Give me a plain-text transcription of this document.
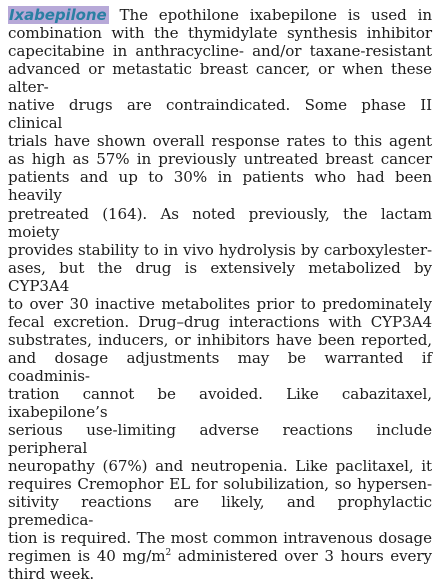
Ixabepilone The epothilone ixabepilone is used in
combination with the thymidylate synthesis inhibitor
capecitabine in anthracycline- and/or taxane-resistant
advanced or metastatic breast cancer, or when these alter-
native drugs are contraindicated. Some phase II clinical
trials have shown overall response rates to this agent
as high as 57% in previously untreated breast cancer
patients and up to 30% in patients who had been heavily
pretreated (164). As noted previously, the lactam moiety
provides stability to in vivo hydrolysis by carboxylester-
ases, but the drug is extensively metabolized by CYP3A4
to over 30 inactive metabolites prior to predominately
fecal excretion. Drug–drug interactions with CYP3A4
substrates, inducers, or inhibitors have been reported,
and dosage adjustments may be warranted if coadminis-
tration cannot be avoided. Like cabazitaxel, ixabepilone’s
serious use-limiting adverse reactions include peripheral
neuropathy (67%) and neutropenia. Like paclitaxel, it
requires Cremophor EL for solubilization, so hypersen-
sitivity reactions are likely, and prophylactic premedica-
tion is required. The most common intravenous dosage
regimen is 40 $mg/m^2$ administered over 3 hours every
third week.
